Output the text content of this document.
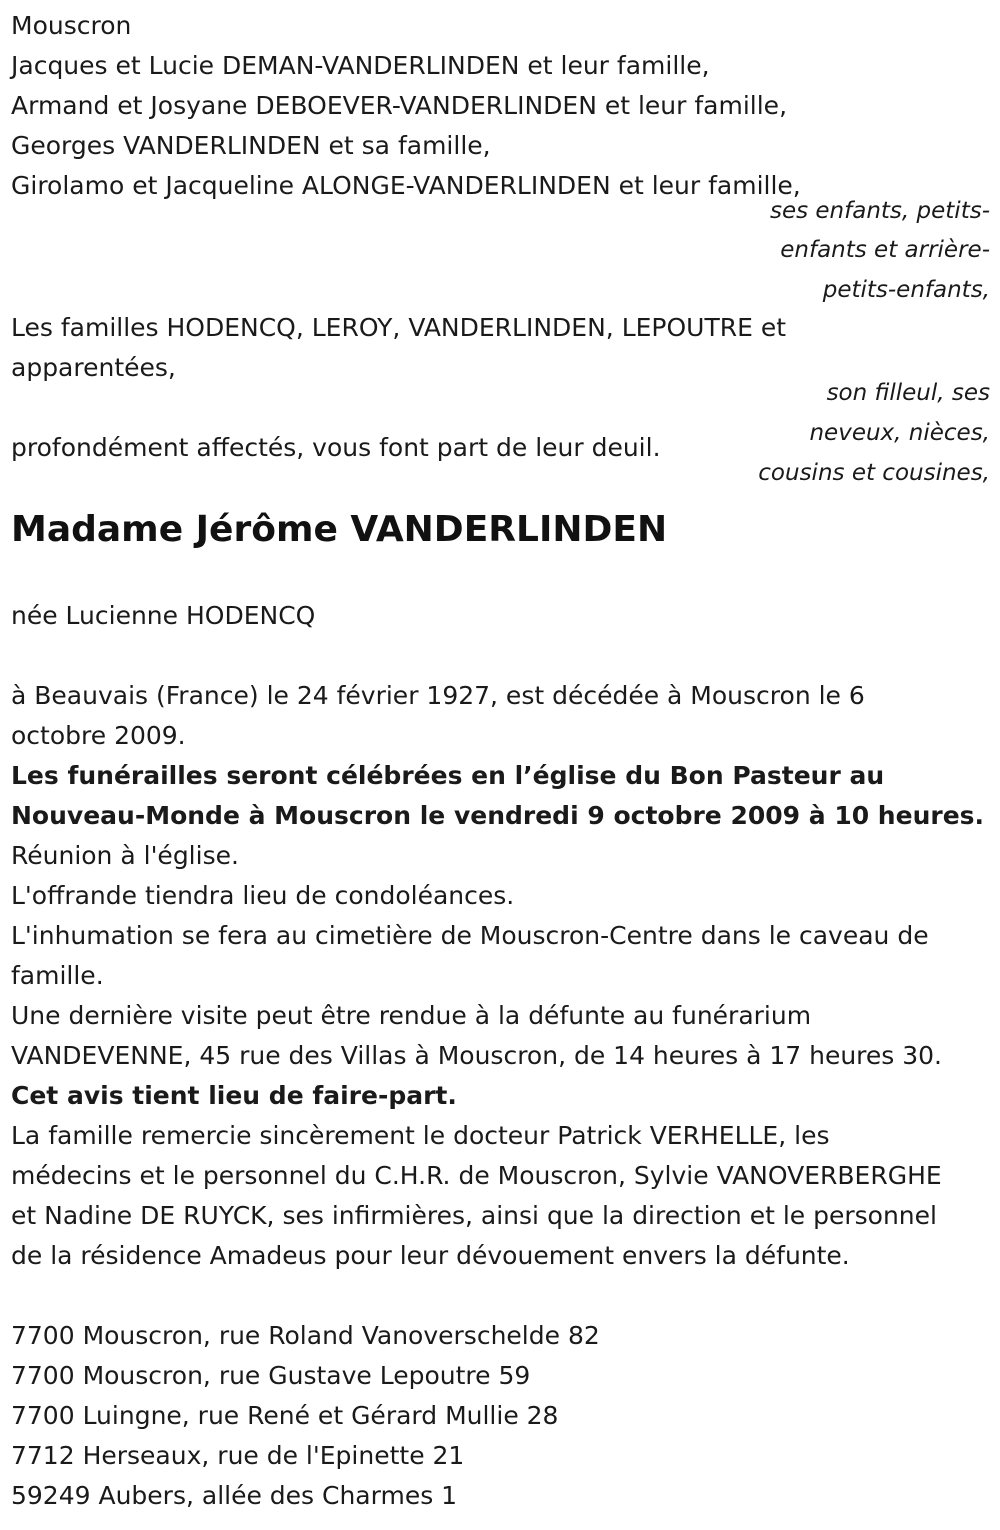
Mouscron
Jacques et Lucie DEMAN-VANDERLINDEN et leur famille,
Armand et Josyane DEBOEVER-VANDERLINDEN et leur famille,
Georges VANDERLINDEN et sa famille,
Girolamo et Jacqueline ALONGE-VANDERLINDEN et leur famille,
ses enfants, petits-
enfants et arrière-
petits-enfants,
Les familles HODENCQ, LEROY, VANDERLINDEN, LEPOUTRE et
apparentées,
son filleul, ses
neveux, nièces,
cousins et cousines,
profondément affectés, vous font part de leur deuil.
Madame Jérôme VANDERLINDEN
née Lucienne HODENCQ
à Beauvais (France) le 24 février 1927, est décédée à Mouscron le 6
octobre 2009.
Les funérailles seront célébrées en l’église du Bon Pasteur au
Nouveau-Monde à Mouscron le vendredi 9 octobre 2009 à 10 heures.
Réunion à l'église.
L'offrande tiendra lieu de condoléances.
L'inhumation se fera au cimetière de Mouscron-Centre dans le caveau de
famille.
Une dernière visite peut être rendue à la défunte au funérarium
VANDEVENNE, 45 rue des Villas à Mouscron, de 14 heures à 17 heures 30.
Cet avis tient lieu de faire-part.
La famille remercie sincèrement le docteur Patrick VERHELLE, les
médecins et le personnel du C.H.R. de Mouscron, Sylvie VANOVERBERGHE
et Nadine DE RUYCK, ses infirmières, ainsi que la direction et le personnel
de la résidence Amadeus pour leur dévouement envers la défunte.
7700 Mouscron, rue Roland Vanoverschelde 82
7700 Mouscron, rue Gustave Lepoutre 59
7700 Luingne, rue René et Gérard Mullie 28
7712 Herseaux, rue de l'Epinette 21
59249 Aubers, allée des Charmes 1
